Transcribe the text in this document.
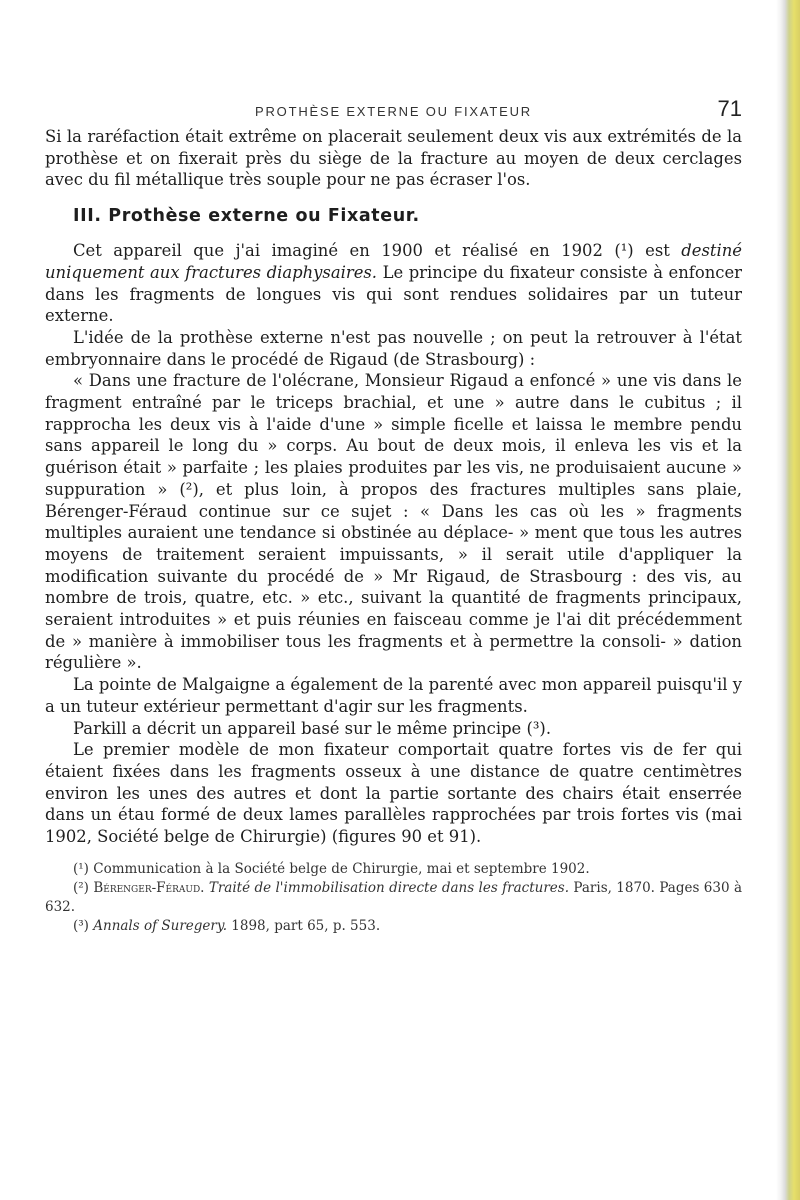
PROTHÈSE EXTERNE OU FIXATEUR	71

Si la raréfaction était extrême on placerait seulement deux vis aux extrémités de la prothèse et on fixerait près du siège de la fracture au moyen de deux cerclages avec du fil métallique très souple pour ne pas écraser l'os.

III. Prothèse externe ou Fixateur.

Cet appareil que j'ai imaginé en 1900 et réalisé en 1902 (¹) est destiné uniquement aux fractures diaphysaires. Le principe du fixateur consiste à enfoncer dans les fragments de longues vis qui sont rendues solidaires par un tuteur externe.

L'idée de la prothèse externe n'est pas nouvelle ; on peut la retrouver à l'état embryonnaire dans le procédé de Rigaud (de Strasbourg) :

« Dans une fracture de l'olécrane, Monsieur Rigaud a enfoncé » une vis dans le fragment entraîné par le triceps brachial, et une » autre dans le cubitus ; il rapprocha les deux vis à l'aide d'une » simple ficelle et laissa le membre pendu sans appareil le long du » corps. Au bout de deux mois, il enleva les vis et la guérison était » parfaite ; les plaies produites par les vis, ne produisaient aucune » suppuration » (²), et plus loin, à propos des fractures multiples sans plaie, Bérenger-Féraud continue sur ce sujet : « Dans les cas où les » fragments multiples auraient une tendance si obstinée au déplace- » ment que tous les autres moyens de traitement seraient impuissants, » il serait utile d'appliquer la modification suivante du procédé de » Mr Rigaud, de Strasbourg : des vis, au nombre de trois, quatre, etc. » etc., suivant la quantité de fragments principaux, seraient introduites » et puis réunies en faisceau comme je l'ai dit précédemment de » manière à immobiliser tous les fragments et à permettre la consoli- » dation régulière ».

La pointe de Malgaigne a également de la parenté avec mon appareil puisqu'il y a un tuteur extérieur permettant d'agir sur les fragments.

Parkill a décrit un appareil basé sur le même principe (³).

Le premier modèle de mon fixateur comportait quatre fortes vis de fer qui étaient fixées dans les fragments osseux à une distance de quatre centimètres environ les unes des autres et dont la partie sortante des chairs était enserrée dans un étau formé de deux lames parallèles rapprochées par trois fortes vis (mai 1902, Société belge de Chirurgie) (figures 90 et 91).

(¹) Communication à la Société belge de Chirurgie, mai et septembre 1902.

(²) Bérenger-Féraud. Traité de l'immobilisation directe dans les fractures. Paris, 1870. Pages 630 à 632.

(³) Annals of Suregery. 1898, part 65, p. 553.
